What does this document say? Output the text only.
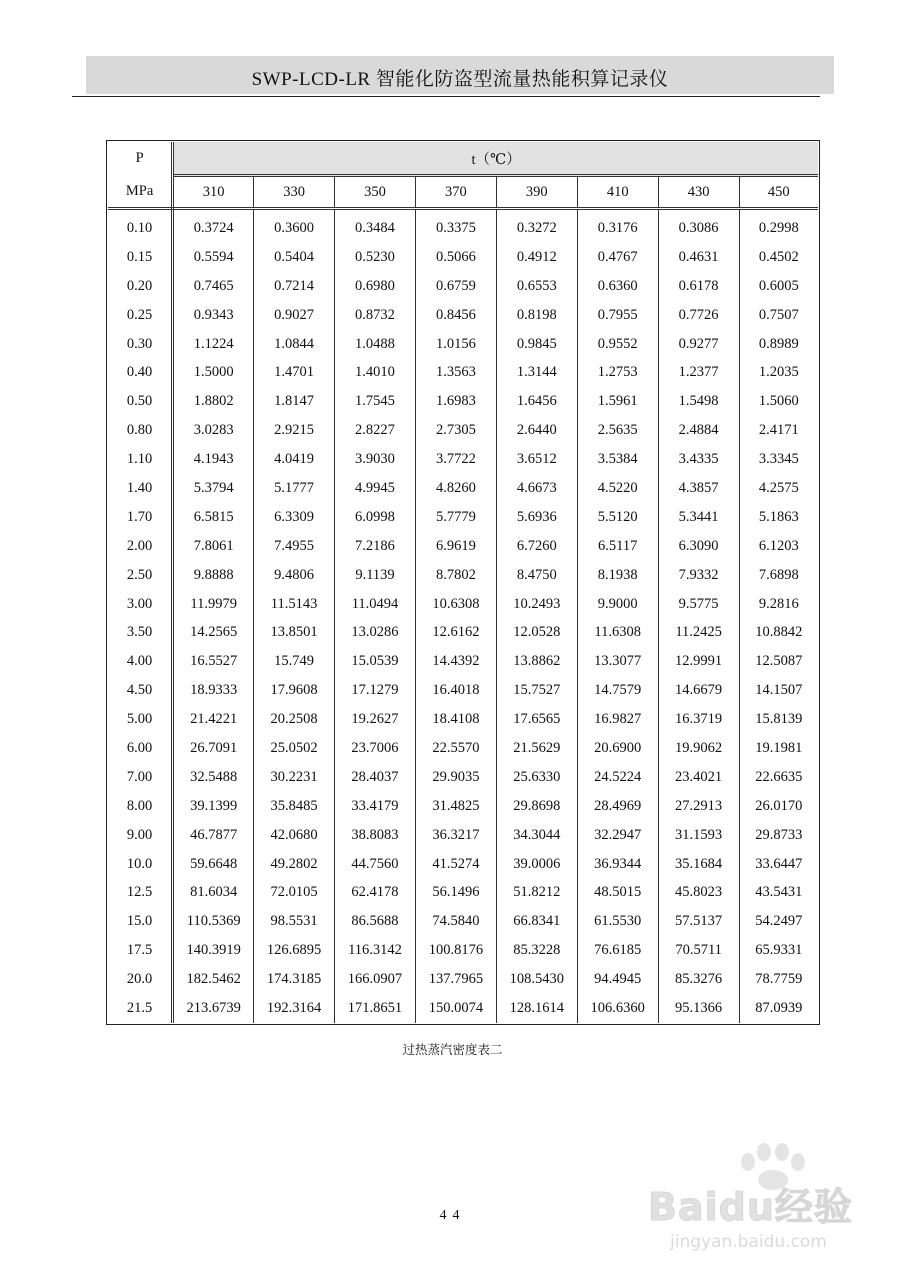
SWP-LCD-LR 智能化防盗型流量热能积算记录仪
P	t（℃）							
MPa	310	330	350	370	390	410	430	450
0.10	0.3724	0.3600	0.3484	0.3375	0.3272	0.3176	0.3086	0.2998
0.15	0.5594	0.5404	0.5230	0.5066	0.4912	0.4767	0.4631	0.4502
0.20	0.7465	0.7214	0.6980	0.6759	0.6553	0.6360	0.6178	0.6005
0.25	0.9343	0.9027	0.8732	0.8456	0.8198	0.7955	0.7726	0.7507
0.30	1.1224	1.0844	1.0488	1.0156	0.9845	0.9552	0.9277	0.8989
0.40	1.5000	1.4701	1.4010	1.3563	1.3144	1.2753	1.2377	1.2035
0.50	1.8802	1.8147	1.7545	1.6983	1.6456	1.5961	1.5498	1.5060
0.80	3.0283	2.9215	2.8227	2.7305	2.6440	2.5635	2.4884	2.4171
1.10	4.1943	4.0419	3.9030	3.7722	3.6512	3.5384	3.4335	3.3345
1.40	5.3794	5.1777	4.9945	4.8260	4.6673	4.5220	4.3857	4.2575
1.70	6.5815	6.3309	6.0998	5.7779	5.6936	5.5120	5.3441	5.1863
2.00	7.8061	7.4955	7.2186	6.9619	6.7260	6.5117	6.3090	6.1203
2.50	9.8888	9.4806	9.1139	8.7802	8.4750	8.1938	7.9332	7.6898
3.00	11.9979	11.5143	11.0494	10.6308	10.2493	9.9000	9.5775	9.2816
3.50	14.2565	13.8501	13.0286	12.6162	12.0528	11.6308	11.2425	10.8842
4.00	16.5527	15.749	15.0539	14.4392	13.8862	13.3077	12.9991	12.5087
4.50	18.9333	17.9608	17.1279	16.4018	15.7527	14.7579	14.6679	14.1507
5.00	21.4221	20.2508	19.2627	18.4108	17.6565	16.9827	16.3719	15.8139
6.00	26.7091	25.0502	23.7006	22.5570	21.5629	20.6900	19.9062	19.1981
7.00	32.5488	30.2231	28.4037	29.9035	25.6330	24.5224	23.4021	22.6635
8.00	39.1399	35.8485	33.4179	31.4825	29.8698	28.4969	27.2913	26.0170
9.00	46.7877	42.0680	38.8083	36.3217	34.3044	32.2947	31.1593	29.8733
10.0	59.6648	49.2802	44.7560	41.5274	39.0006	36.9344	35.1684	33.6447
12.5	81.6034	72.0105	62.4178	56.1496	51.8212	48.5015	45.8023	43.5431
15.0	110.5369	98.5531	86.5688	74.5840	66.8341	61.5530	57.5137	54.2497
17.5	140.3919	126.6895	116.3142	100.8176	85.3228	76.6185	70.5711	65.9331
20.0	182.5462	174.3185	166.0907	137.7965	108.5430	94.4945	85.3276	78.7759
21.5	213.6739	192.3164	171.8651	150.0074	128.1614	106.6360	95.1366	87.0939
过热蒸汽密度表二
44	Baidu经验
jingyan.baidu.com
